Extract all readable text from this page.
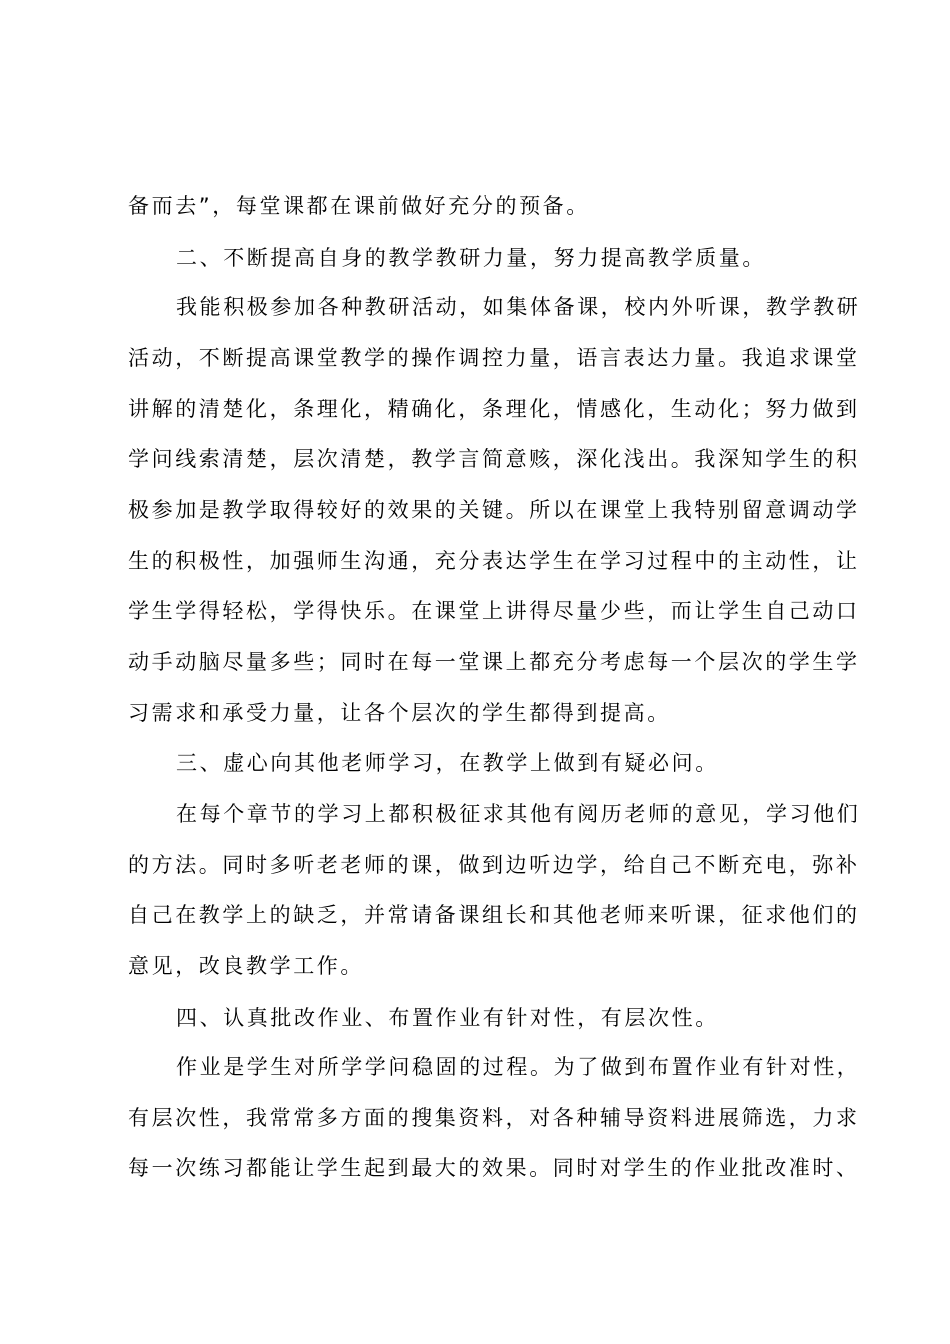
备而去”，每堂课都在课前做好充分的预备。
二、不断提高自身的教学教研力量，努力提高教学质量。
我能积极参加各种教研活动，如集体备课，校内外听课，教学教研
活动，不断提高课堂教学的操作调控力量，语言表达力量。我追求课堂
讲解的清楚化，条理化，精确化，条理化，情感化，生动化；努力做到
学问线索清楚，层次清楚，教学言简意赅，深化浅出。我深知学生的积
极参加是教学取得较好的效果的关键。所以在课堂上我特别留意调动学
生的积极性，加强师生沟通，充分表达学生在学习过程中的主动性，让
学生学得轻松，学得快乐。在课堂上讲得尽量少些，而让学生自己动口
动手动脑尽量多些；同时在每一堂课上都充分考虑每一个层次的学生学
习需求和承受力量，让各个层次的学生都得到提高。
三、虚心向其他老师学习，在教学上做到有疑必问。
在每个章节的学习上都积极征求其他有阅历老师的意见，学习他们
的方法。同时多听老老师的课，做到边听边学，给自己不断充电，弥补
自己在教学上的缺乏，并常请备课组长和其他老师来听课，征求他们的
意见，改良教学工作。
四、认真批改作业、布置作业有针对性，有层次性。
作业是学生对所学学问稳固的过程。为了做到布置作业有针对性，
有层次性，我常常多方面的搜集资料，对各种辅导资料进展筛选，力求
每一次练习都能让学生起到最大的效果。同时对学生的作业批改准时、
